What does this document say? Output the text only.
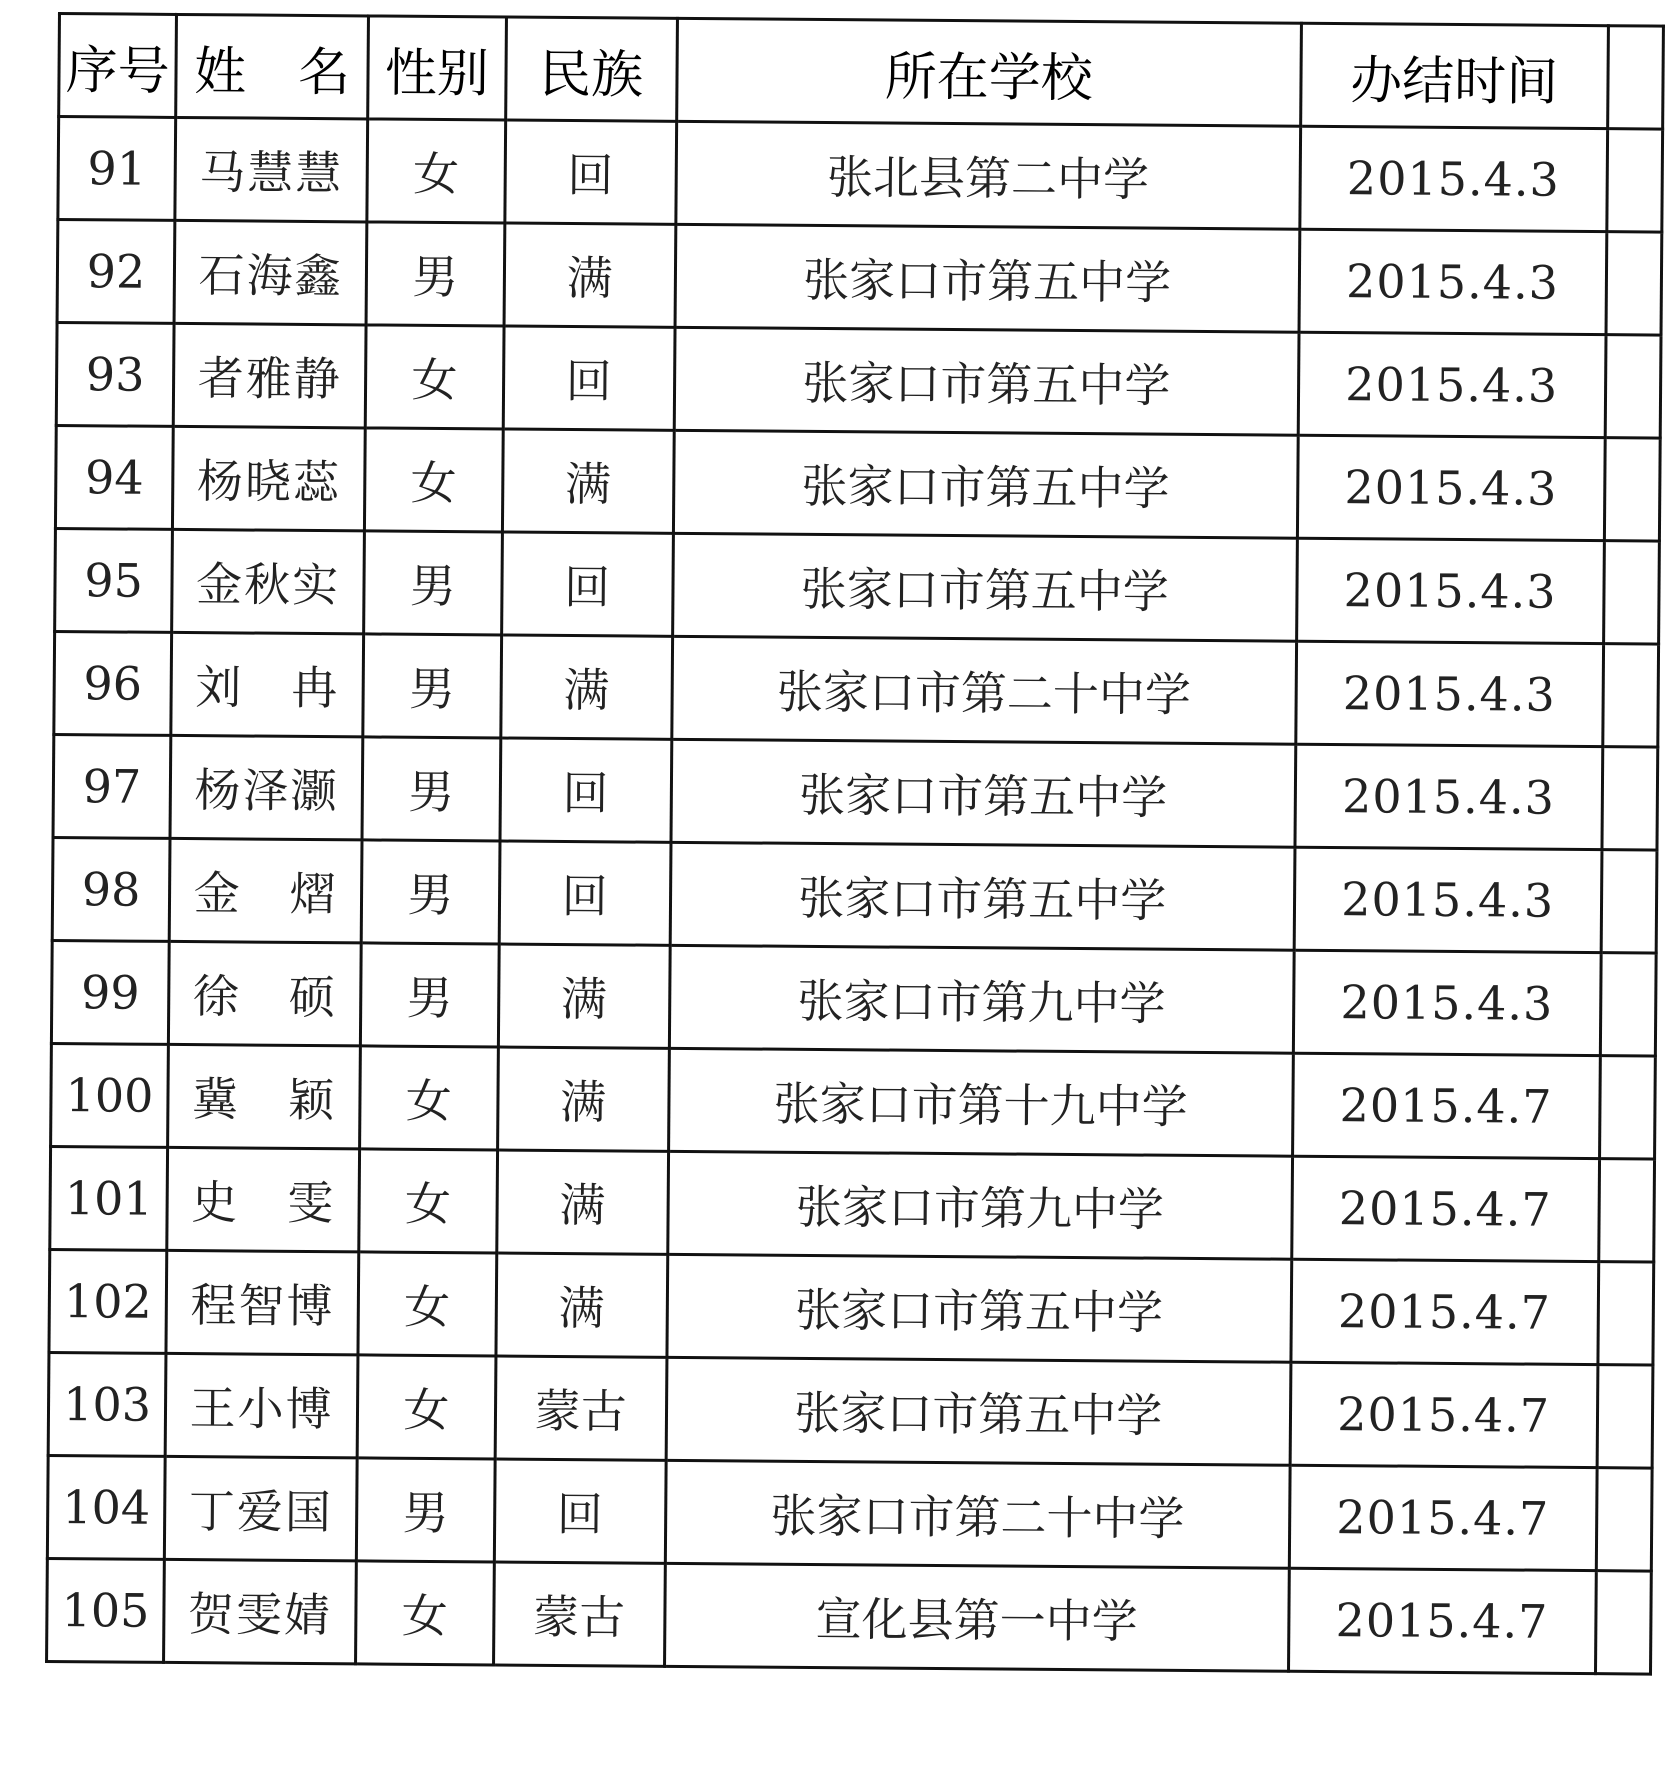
序号	姓　名	性别	民族	所在学校	办结时间	
91	马慧慧	女	回	张北县第二中学	2015.4.3	
92	石海鑫	男	满	张家口市第五中学	2015.4.3	
93	者雅静	女	回	张家口市第五中学	2015.4.3	
94	杨晓蕊	女	满	张家口市第五中学	2015.4.3	
95	金秋实	男	回	张家口市第五中学	2015.4.3	
96	刘　冉	男	满	张家口市第二十中学	2015.4.3	
97	杨泽灏	男	回	张家口市第五中学	2015.4.3	
98	金　熠	男	回	张家口市第五中学	2015.4.3	
99	徐　硕	男	满	张家口市第九中学	2015.4.3	
100	冀　颖	女	满	张家口市第十九中学	2015.4.7	
101	史　雯	女	满	张家口市第九中学	2015.4.7	
102	程智博	女	满	张家口市第五中学	2015.4.7	
103	王小博	女	蒙古	张家口市第五中学	2015.4.7	
104	丁爱国	男	回	张家口市第二十中学	2015.4.7	
105	贺雯婧	女	蒙古	宣化县第一中学	2015.4.7	
